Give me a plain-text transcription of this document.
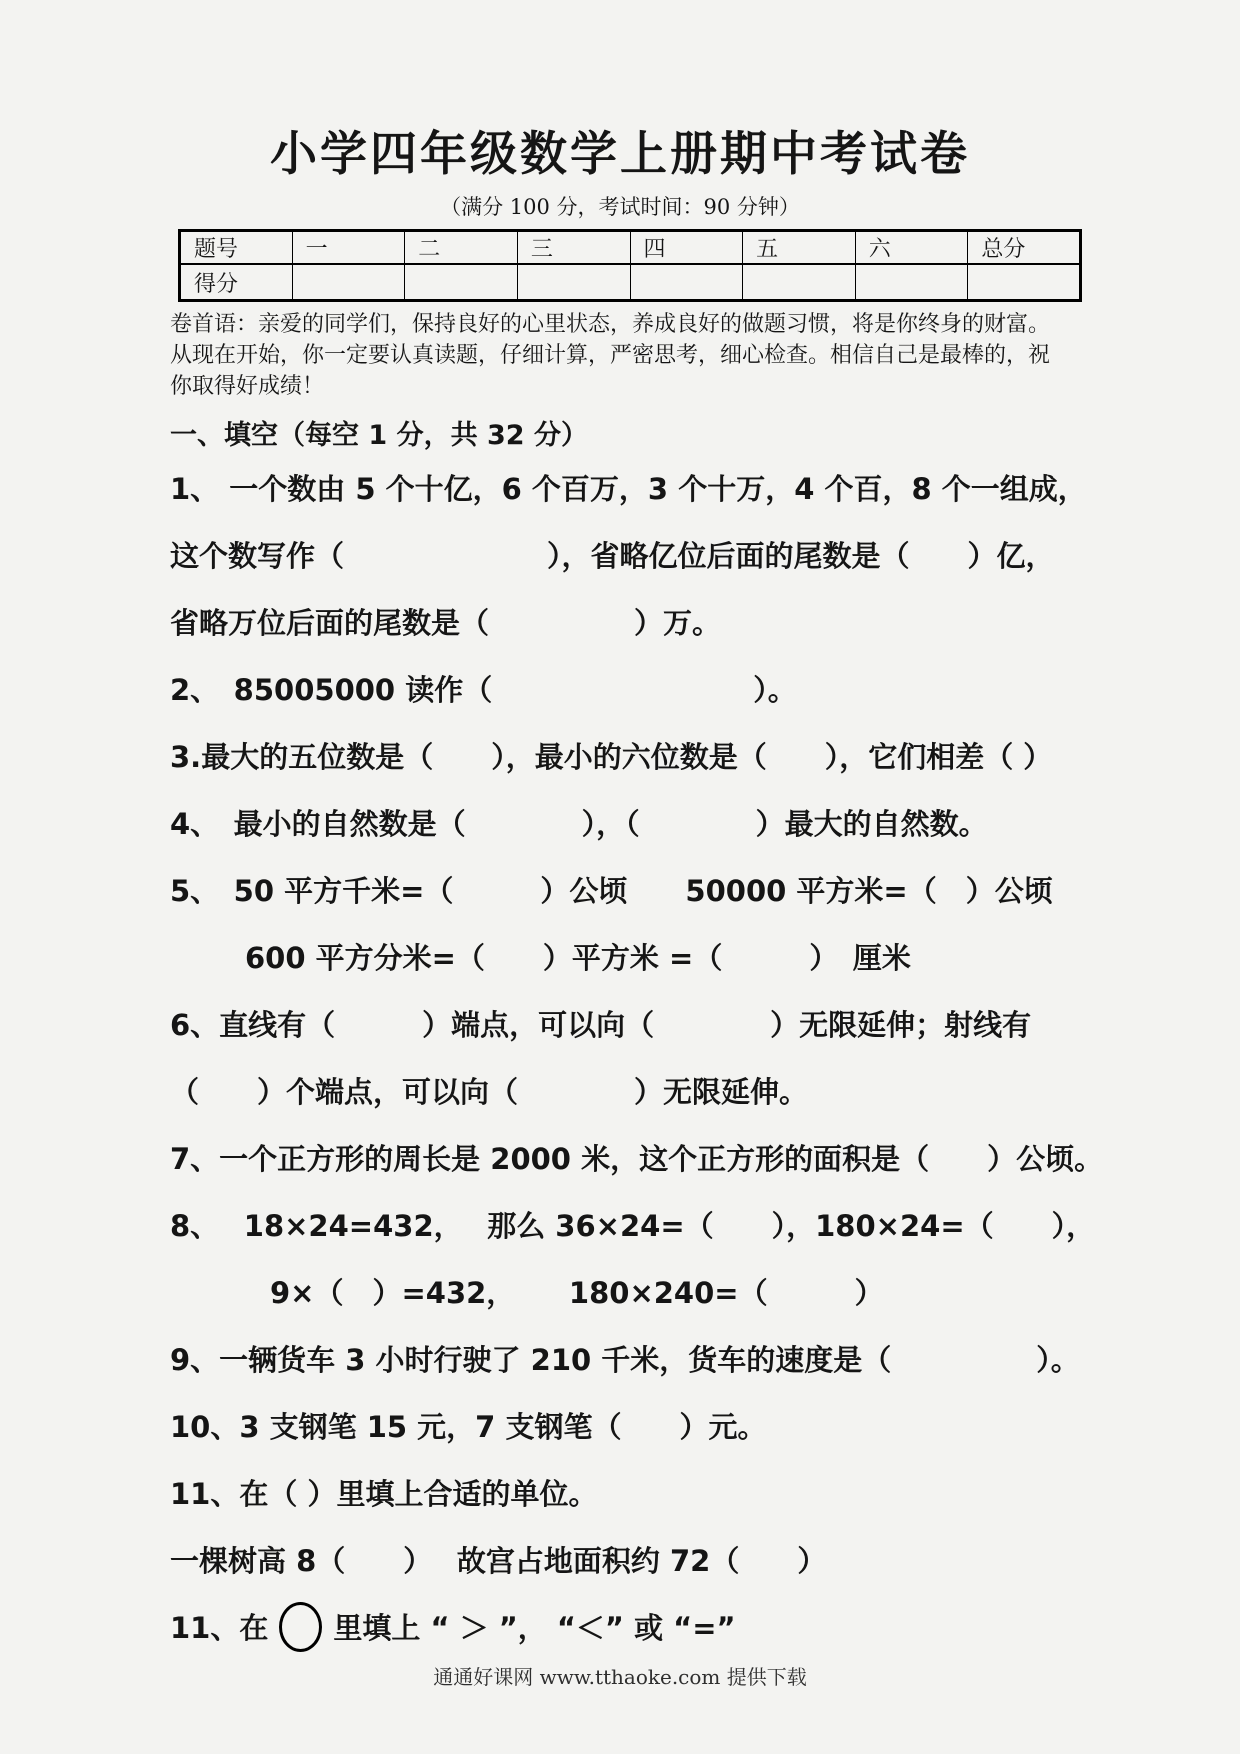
小学四年级数学上册期中考试卷
（满分 100 分，考试时间：90 分钟）
题号	一	二	三	四	五	六	总分
得分							
卷首语：亲爱的同学们，保持良好的心里状态，养成良好的做题习惯，将是你终身的财富。
从现在开始，你一定要认真读题，仔细计算，严密思考，细心检查。相信自己是最棒的，祝
你取得好成绩！
一、填空（每空 1 分，共 32 分）
1、 一个数由 5 个十亿，6 个百万，3 个十万，4 个百，8 个一组成，
这个数写作（　　　　　　　），省略亿位后面的尾数是（　　）亿，
省略万位后面的尾数是（　　　　　）万。
2、　85005000 读作（　　　　　　　　　）。
3.最大的五位数是（　　），最小的六位数是（　　），它们相差（ ）
4、　最小的自然数是（　　　　），（　　　　）最大的自然数。
5、　50 平方千米=（　　　）公顷　　50000 平方米=（　）公顷
600 平方分米=（　　）平方米 =（　　　）　厘米
6、直线有（　　　）端点，可以向（　　　　）无限延伸；射线有
（　　）个端点，可以向（　　　　）无限延伸。
7、一个正方形的周长是 2000 米，这个正方形的面积是（　　）公顷。
8、　 18×24=432，　 那么 36×24=（　　），180×24=（　　），
9×（　）=432，　　 180×240=（　　　）
9、一辆货车 3 小时行驶了 210 千米，货车的速度是（　　　　　）。
10、3 支钢笔 15 元，7 支钢笔（　　）元。
11、在（ ）里填上合适的单位。
一棵树高 8（　　）　 故宫占地面积约 72（　　）
11、在 里填上 “ ＞ ”， “＜” 或 “=”
通通好课网 www.tthaoke.com 提供下载
